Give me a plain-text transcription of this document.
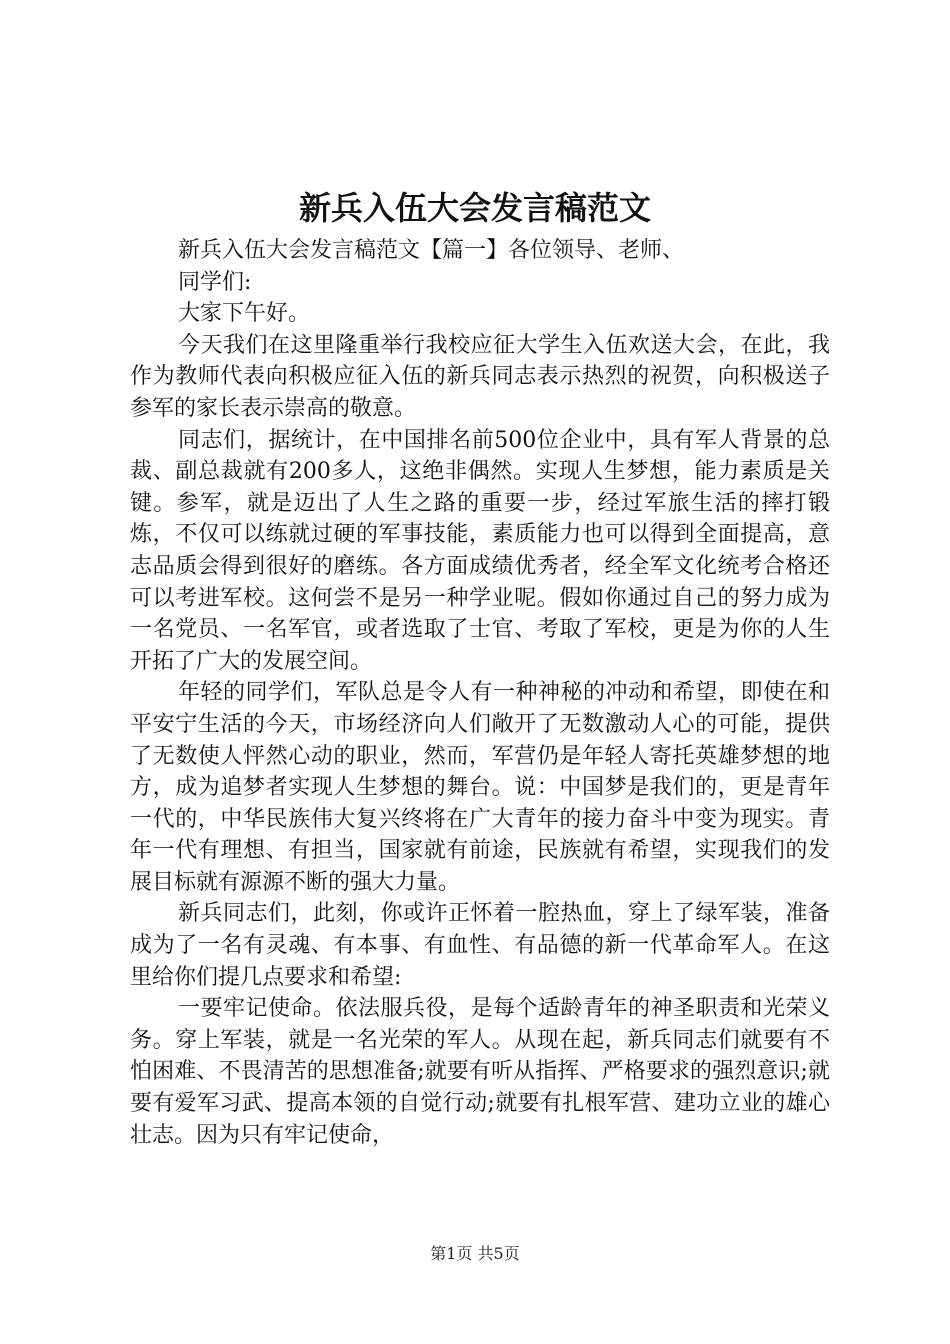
新兵入伍大会发言稿范文

新兵入伍大会发言稿范文【篇一】各位领导、老师、

同学们:

大家下午好。

今天我们在这里隆重举行我校应征大学生入伍欢送大会，在此，我作为教师代表向积极应征入伍的新兵同志表示热烈的祝贺，向积极送子参军的家长表示崇高的敬意。

同志们，据统计，在中国排名前500位企业中，具有军人背景的总裁、副总裁就有200多人，这绝非偶然。实现人生梦想，能力素质是关键。参军，就是迈出了人生之路的重要一步，经过军旅生活的摔打锻炼，不仅可以练就过硬的军事技能，素质能力也可以得到全面提高，意志品质会得到很好的磨练。各方面成绩优秀者，经全军文化统考合格还可以考进军校。这何尝不是另一种学业呢。假如你通过自己的努力成为一名党员、一名军官，或者选取了士官、考取了军校，更是为你的人生开拓了广大的发展空间。

年轻的同学们，军队总是令人有一种神秘的冲动和希望，即使在和平安宁生活的今天，市场经济向人们敞开了无数激动人心的可能，提供了无数使人怦然心动的职业，然而，军营仍是年轻人寄托英雄梦想的地方，成为追梦者实现人生梦想的舞台。说：中国梦是我们的，更是青年一代的，中华民族伟大复兴终将在广大青年的接力奋斗中变为现实。青年一代有理想、有担当，国家就有前途，民族就有希望，实现我们的发展目标就有源源不断的强大力量。

新兵同志们，此刻，你或许正怀着一腔热血，穿上了绿军装，准备成为了一名有灵魂、有本事、有血性、有品德的新一代革命军人。在这里给你们提几点要求和希望:

一要牢记使命。依法服兵役，是每个适龄青年的神圣职责和光荣义务。穿上军装，就是一名光荣的军人。从现在起，新兵同志们就要有不怕困难、不畏清苦的思想准备;就要有听从指挥、严格要求的强烈意识;就要有爱军习武、提高本领的自觉行动;就要有扎根军营、建功立业的雄心壮志。因为只有牢记使命，

第1页 共5页
